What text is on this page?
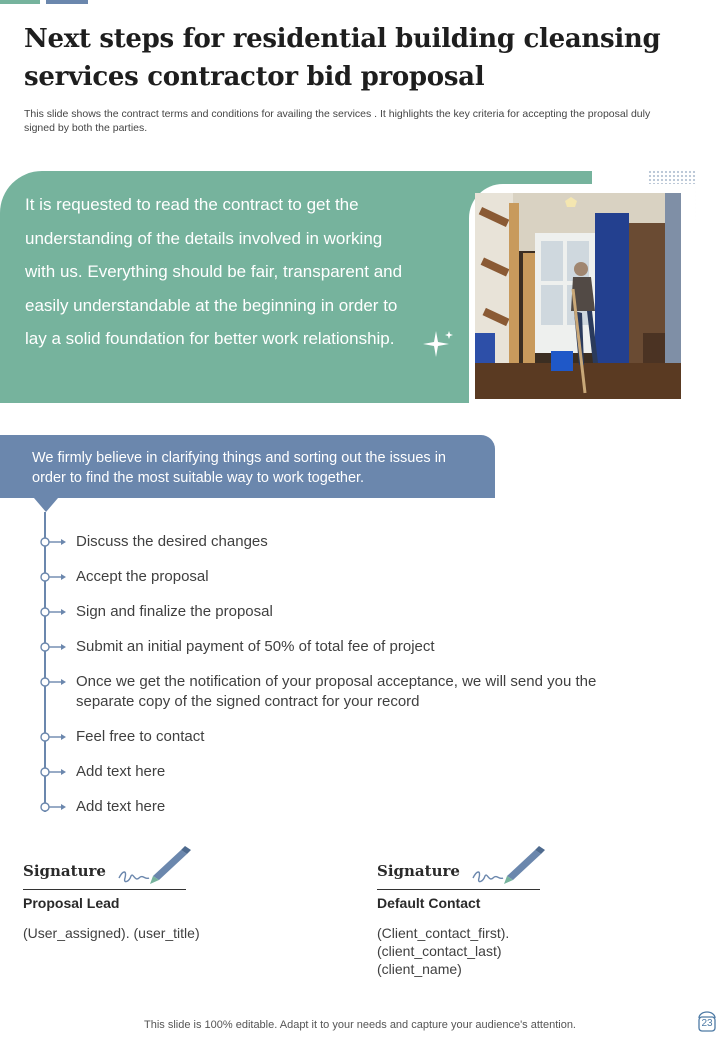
Next steps for residential building cleansing services contractor bid proposal

This slide shows the contract terms and conditions for availing the services . It highlights the key criteria for accepting the proposal duly signed by both the parties.

It is requested to read the contract to get the understanding of the details involved in working with us. Everything should be fair, transparent and easily understandable at the beginning in order to lay a solid foundation for better work relationship.

We firmly believe in clarifying things and sorting out the issues in order to find the most suitable way to work together.

Discuss the desired changes

Accept the proposal

Sign and finalize the proposal

Submit an initial payment of 50% of total fee of project

Once we get the notification of your proposal acceptance, we will send you the separate copy of the signed contract for your record

Feel free to contact

Add text here

Add text here

Signature

Proposal Lead

(User_assigned). (user_title)

Signature

Default Contact

(Client_contact_first). (client_contact_last) (client_name)

This slide is 100% editable. Adapt it to your needs and capture your audience's attention.	23
